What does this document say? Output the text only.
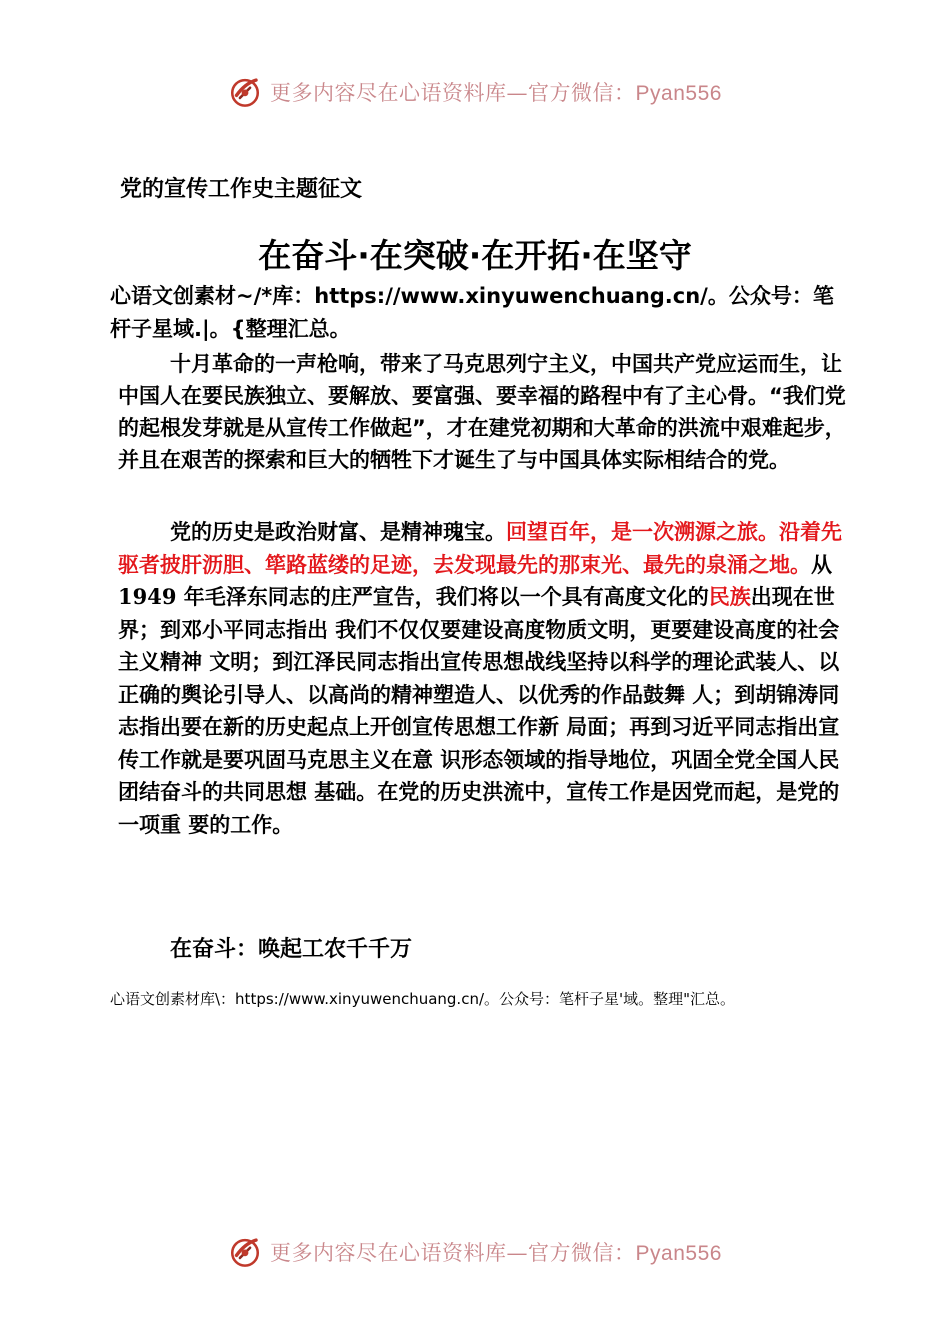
更多内容尽在心语资料库—官方微信：Pyan556
党的宣传工作史主题征文
在奋斗·在突破·在开拓·在坚守
心语文创素材~/*库：https://www.xinyuwenchuang.cn/。公众号：笔杆子星域.|。{整理汇总。
十月革命的一声枪响，带来了马克思列宁主义，中国共产党应运而生，让中国人在要民族独立、要解放、要富强、要幸福的路程中有了主心骨。“我们党的起根发芽就是从宣传工作做起”，才在建党初期和大革命的洪流中艰难起步，并且在艰苦的探索和巨大的牺牲下才诞生了与中国具体实际相结合的党。
党的历史是政治财富、是精神瑰宝。回望百年，是一次溯源之旅。沿着先驱者披肝沥胆、筚路蓝缕的足迹，去发现最先的那束光、最先的泉涌之地。从 1949 年毛泽东同志的庄严宣告，我们将以一个具有高度文化的民族出现在世界；到邓小平同志指出 我们不仅仅要建设高度物质文明，更要建设高度的社会主义精神 文明；到江泽民同志指出宣传思想战线坚持以科学的理论武装人、以正确的舆论引导人、以高尚的精神塑造人、以优秀的作品鼓舞 人；到胡锦涛同志指出要在新的历史起点上开创宣传思想工作新 局面；再到习近平同志指出宣传工作就是要巩固马克思主义在意 识形态领域的指导地位，巩固全党全国人民团结奋斗的共同思想 基础。在党的历史洪流中，宣传工作是因党而起，是党的一项重 要的工作。
在奋斗：唤起工农千千万
心语文创素材库\：https://www.xinyuwenchuang.cn/。公众号：笔杆子星'域。整理"汇总。
更多内容尽在心语资料库—官方微信：Pyan556
